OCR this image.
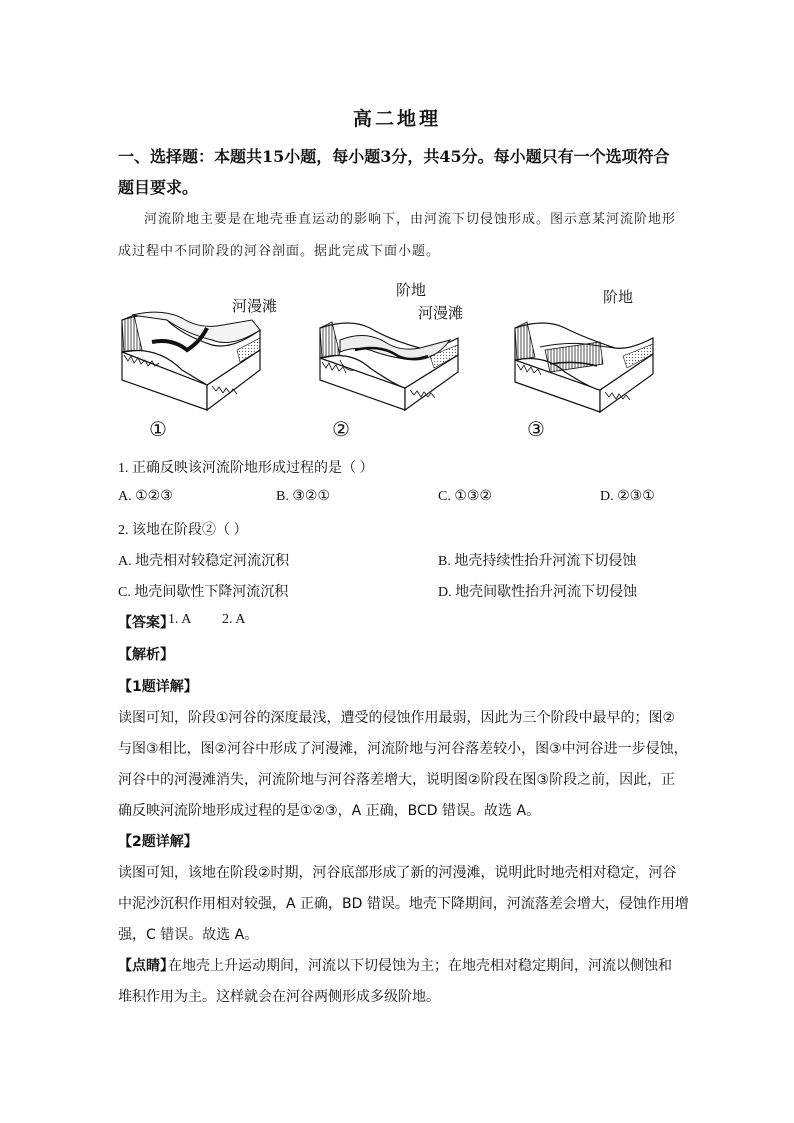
高二地理
一、选择题：本题共15小题，每小题3分，共45分。每小题只有一个选项符合
题目要求。
河流阶地主要是在地壳垂直运动的影响下，由河流下切侵蚀形成。图示意某河流阶地形
成过程中不同阶段的河谷剖面。据此完成下面小题。
河漫滩
①
阶地
河漫滩
②
阶地
③
1. 正确反映该河流阶地形成过程的是（ ）
A. ①②③	B. ③②①	C. ①③②	D. ②③①
2. 该地在阶段②（ ）
A. 地壳相对较稳定河流沉积	B. 地壳持续性抬升河流下切侵蚀
C. 地壳间歇性下降河流沉积	D. 地壳间歇性抬升河流下切侵蚀
【答案】
1. A 2. A
【解析】
【1题详解】
读图可知，阶段①河谷的深度最浅，遭受的侵蚀作用最弱，因此为三个阶段中最早的；图②
与图③相比，图②河谷中形成了河漫滩，河流阶地与河谷落差较小，图③中河谷进一步侵蚀，
河谷中的河漫滩消失，河流阶地与河谷落差增大，说明图②阶段在图③阶段之前，因此，正
确反映河流阶地形成过程的是①②③，A 正确，BCD 错误。故选 A。
【2题详解】
读图可知，该地在阶段②时期，河谷底部形成了新的河漫滩，说明此时地壳相对稳定，河谷
中泥沙沉积作用相对较强，A 正确，BD 错误。地壳下降期间，河流落差会增大，侵蚀作用增
强，C 错误。故选 A。
【点睛】
在地壳上升运动期间，河流以下切侵蚀为主；在地壳相对稳定期间，河流以侧蚀和
堆积作用为主。这样就会在河谷两侧形成多级阶地。
